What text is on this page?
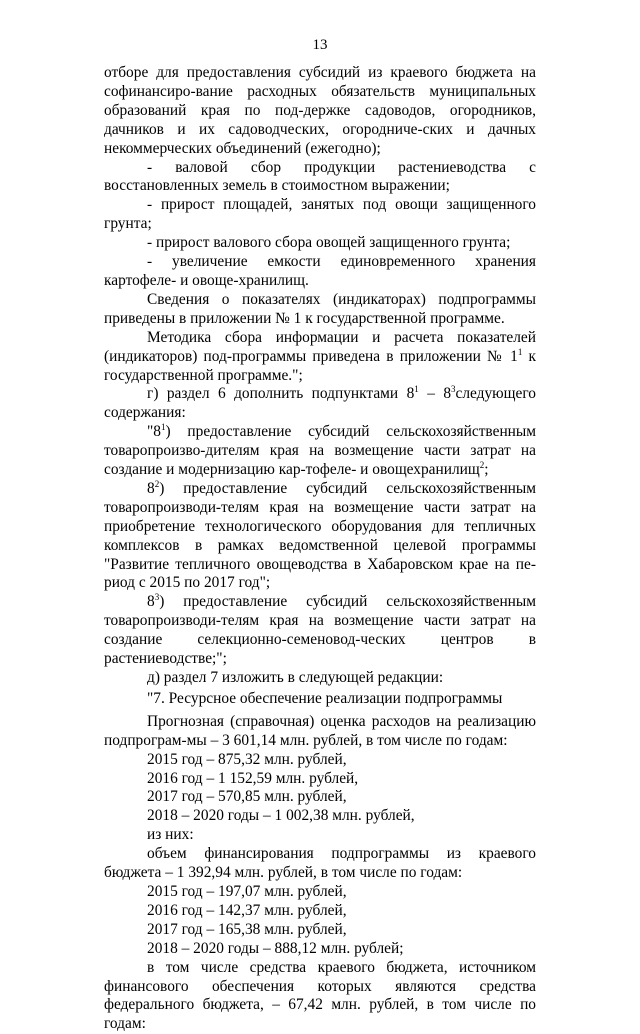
13

отборе для предоставления субсидий из краевого бюджета на софинансиро-вание расходных обязательств муниципальных образований края по под-держке садоводов, огородников, дачников и их садоводческих, огородниче-ских и дачных некоммерческих объединений (ежегодно);

- валовой сбор продукции растениеводства с восстановленных земель в стоимостном выражении;

- прирост площадей, занятых под овощи защищенного грунта;

- прирост валового сбора овощей защищенного грунта;

- увеличение емкости единовременного хранения картофеле- и овоще-хранилищ.

Сведения о показателях (индикаторах) подпрограммы приведены в приложении № 1 к государственной программе.

Методика сбора информации и расчета показателей (индикаторов) под-программы приведена в приложении № $1^1$ к государственной программе.";

г) раздел 6 дополнить подпунктами $8^1$ – $8^3следующего$ содержания:

"$8^1$) предоставление субсидий сельскохозяйственным товаропроизво-дителям края на возмещение части затрат на создание и модернизацию кар-тофеле- и овощехранилищ$^2$;

$8^2$) предоставление субсидий сельскохозяйственным товаропроизводи-телям края на возмещение части затрат на приобретение технологического оборудования для тепличных комплексов в рамках ведомственной целевой программы "Развитие тепличного овощеводства в Хабаровском крае на пе-риод с 2015 по 2017 год";

$8^3$) предоставление субсидий сельскохозяйственным товаропроизводи-телям края на возмещение части затрат на создание селекционно-семеновод-ческих центров в растениеводстве;";

д) раздел 7 изложить в следующей редакции:

"7. Ресурсное обеспечение реализации подпрограммы

Прогнозная (справочная) оценка расходов на реализацию подпрограм-мы – 3 601,14 млн. рублей, в том числе по годам:

2015 год – 875,32 млн. рублей,

2016 год – 1 152,59 млн. рублей,

2017 год – 570,85 млн. рублей,

2018 – 2020 годы – 1 002,38 млн. рублей,

из них:

объем финансирования подпрограммы из краевого бюджета – 1 392,94 млн. рублей, в том числе по годам:

2015 год – 197,07 млн. рублей,

2016 год – 142,37 млн. рублей,

2017 год – 165,38 млн. рублей,

2018 – 2020 годы – 888,12 млн. рублей;

в том числе средства краевого бюджета, источником финансового обеспечения которых являются средства федерального бюджета, – 67,42 млн. рублей, в том числе по годам:
